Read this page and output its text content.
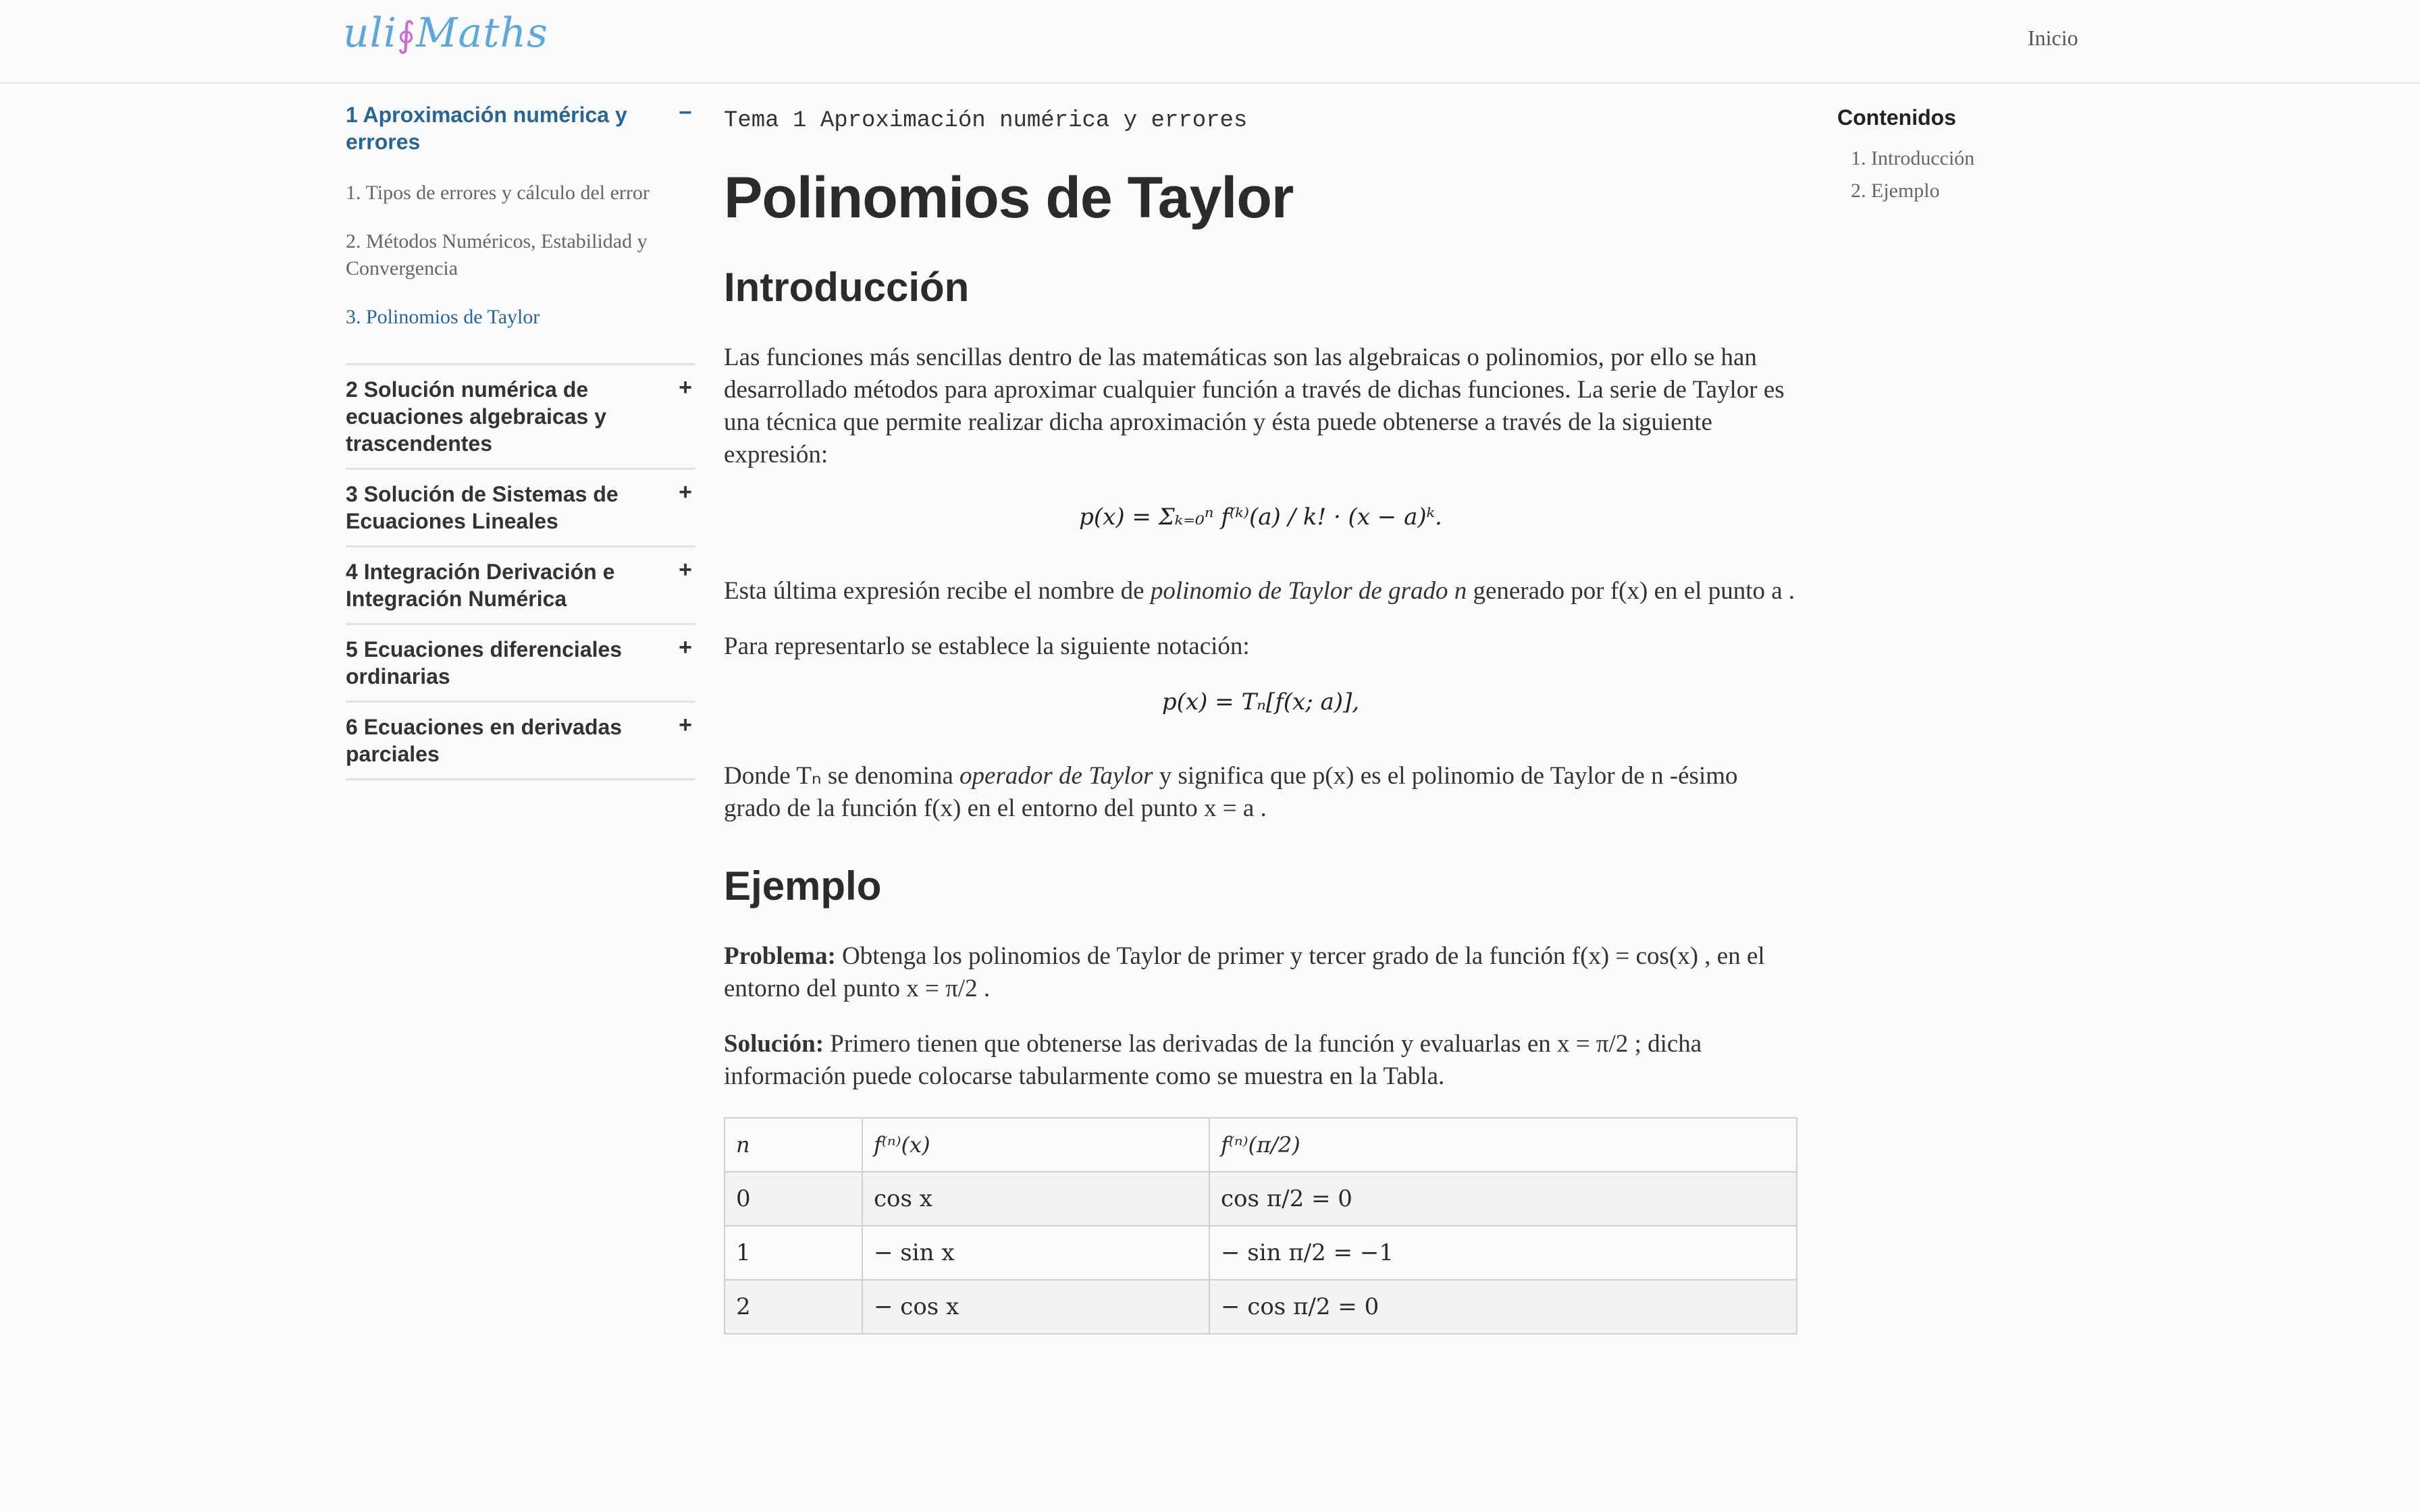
uli∮Maths	Inicio
1 Aproximación numérica y errores
−
1. Tipos de errores y cálculo del error
2. Métodos Numéricos, Estabilidad y Convergencia
3. Polinomios de Taylor
2 Solución numérica de ecuaciones algebraicas y trascendentes
+
3 Solución de Sistemas de Ecuaciones Lineales
+
4 Integración Derivación e Integración Numérica
+
5 Ecuaciones diferenciales ordinarias
+
6 Ecuaciones en derivadas parciales
+
Tema 1 Aproximación numérica y errores
Polinomios de Taylor
Introducción

Las funciones más sencillas dentro de las matemáticas son las algebraicas o polinomios, por ello se han desarrollado métodos para aproximar cualquier función a través de dichas funciones. La serie de Taylor es una técnica que permite realizar dicha aproximación y ésta puede obtenerse a través de la siguiente expresión:

p(x) = Σₖ₌₀ⁿ f⁽ᵏ⁾(a) / k! · (x − a)ᵏ.

Esta última expresión recibe el nombre de polinomio de Taylor de grado n generado por f(x) en el punto a .

Para representarlo se establece la siguiente notación:

p(x) = Tₙ[f(x; a)],

Donde Tₙ se denomina operador de Taylor y significa que p(x) es el polinomio de Taylor de n -ésimo grado de la función f(x) en el entorno del punto x = a .

Ejemplo

Problema: Obtenga los polinomios de Taylor de primer y tercer grado de la función f(x) = cos(x) , en el entorno del punto x = π/2 .

Solución: Primero tienen que obtenerse las derivadas de la función y evaluarlas en x = π/2 ; dicha información puede colocarse tabularmente como se muestra en la Tabla.

n	f⁽ⁿ⁾(x)	f⁽ⁿ⁾(π/2)
0	cos x	cos π/2 = 0
1	− sin x	− sin π/2 = −1
2	− cos x	− cos π/2 = 0
Contenidos
1. Introducción
2. Ejemplo
